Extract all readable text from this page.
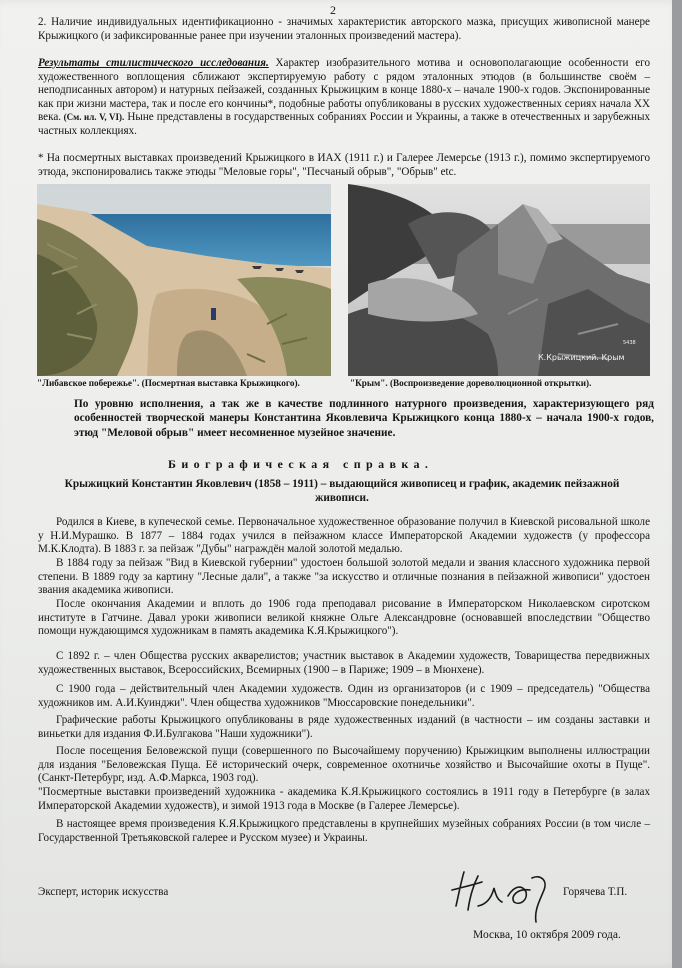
2
2. Наличие индивидуальных идентификационно - значимых характеристик авторского мазка, присущих живописной манере Крыжицкого (и зафиксированные ранее при изучении эталонных произведений мастера).
Результаты стилистического исследования. Характер изобразительного мотива и основополагающие особенности его художественного воплощения сближают экспертируемую работу с рядом эталонных этюдов (в большинстве своём – неподписанных автором) и натурных пейзажей, созданных Крыжицким в конце 1880-х – начале 1900-х годов. Экспонированные как при жизни мастера, так и после его кончины*, подобные работы опубликованы в русских художественных сериях начала XX века. (См. ил. V, VI). Ныне представлены в государственных собраниях России и Украины, а также в отечественных и зарубежных частных коллекциях.
* На посмертных выставках произведений Крыжицкого в ИАХ (1911 г.) и Галерее Лемерсье (1913 г.), помимо экспертируемого этюда, экспонировались также этюды "Меловые горы", "Песчаный обрыв", "Обрыв" etc.
К.Крыжицкий. Крым
5438
"Либавское побережье". (Посмертная выставка Крыжицкого).	"Крым". (Воспроизведение дореволюционной открытки).
По уровню исполнения, а так же в качестве подлинного натурного произведения, характеризующего ряд особенностей творческой манеры Константина Яковлевича Крыжицкого конца 1880-х – начала 1900-х годов, этюд "Меловой обрыв" имеет несомненное музейное значение.
Биографическая справка.
Крыжицкий Константин Яковлевич (1858 – 1911) – выдающийся живописец и график, академик пейзажной живописи.
Родился в Киеве, в купеческой семье. Первоначальное художественное образование получил в Киевской рисовальной школе у Н.И.Мурашко. В 1877 – 1884 годах учился в пейзажном классе Императорской Академии художеств (у профессора М.К.Клодта). В 1883 г. за пейзаж "Дубы" награждён малой золотой медалью.
В 1884 году за пейзаж "Вид в Киевской губернии" удостоен большой золотой медали и звания классного художника первой степени. В 1889 году за картину "Лесные дали", а также "за искусство и отличные познания в пейзажной живописи" удостоен звания академика живописи.
После окончания Академии и вплоть до 1906 года преподавал рисование в Императорском Николаевском сиротском институте в Гатчине. Давал уроки живописи великой княжне Ольге Александровне (основавшей впоследствии "Общество помощи нуждающимся художникам в память академика К.Я.Крыжицкого").
С 1892 г. – член Общества русских акварелистов; участник выставок в Академии художеств, Товарищества передвижных художественных выставок, Всероссийских, Всемирных (1900 – в Париже; 1909 – в Мюнхене).
С 1900 года – действительный член Академии художеств. Один из организаторов (и с 1909 – председатель) "Общества художников им. А.И.Куинджи". Член общества художников "Мюссаровские понедельники".
Графические работы Крыжицкого опубликованы в ряде художественных изданий (в частности – им созданы заставки и виньетки для издания Ф.И.Булгакова "Наши художники").
После посещения Беловежской пущи (совершенного по Высочайшему поручению) Крыжицким выполнены иллюстрации для издания "Беловежская Пуща. Её исторический очерк, современное охотничье хозяйство и Высочайшие охоты в Пуще". (Санкт-Петербург, изд. А.Ф.Маркса, 1903 год).
"Посмертные выставки произведений художника - академика К.Я.Крыжицкого состоялись в 1911 году в Петербурге (в залах Императорской Академии художеств), и зимой 1913 года в Москве (в Галерее Лемерсье).
В настоящее время произведения К.Я.Крыжицкого представлены в крупнейших музейных собраниях России (в том числе – Государственной Третьяковской галерее и Русском музее) и Украины.
Эксперт, историк искусства	Горячева Т.П.
Москва, 10 октября 2009 года.
